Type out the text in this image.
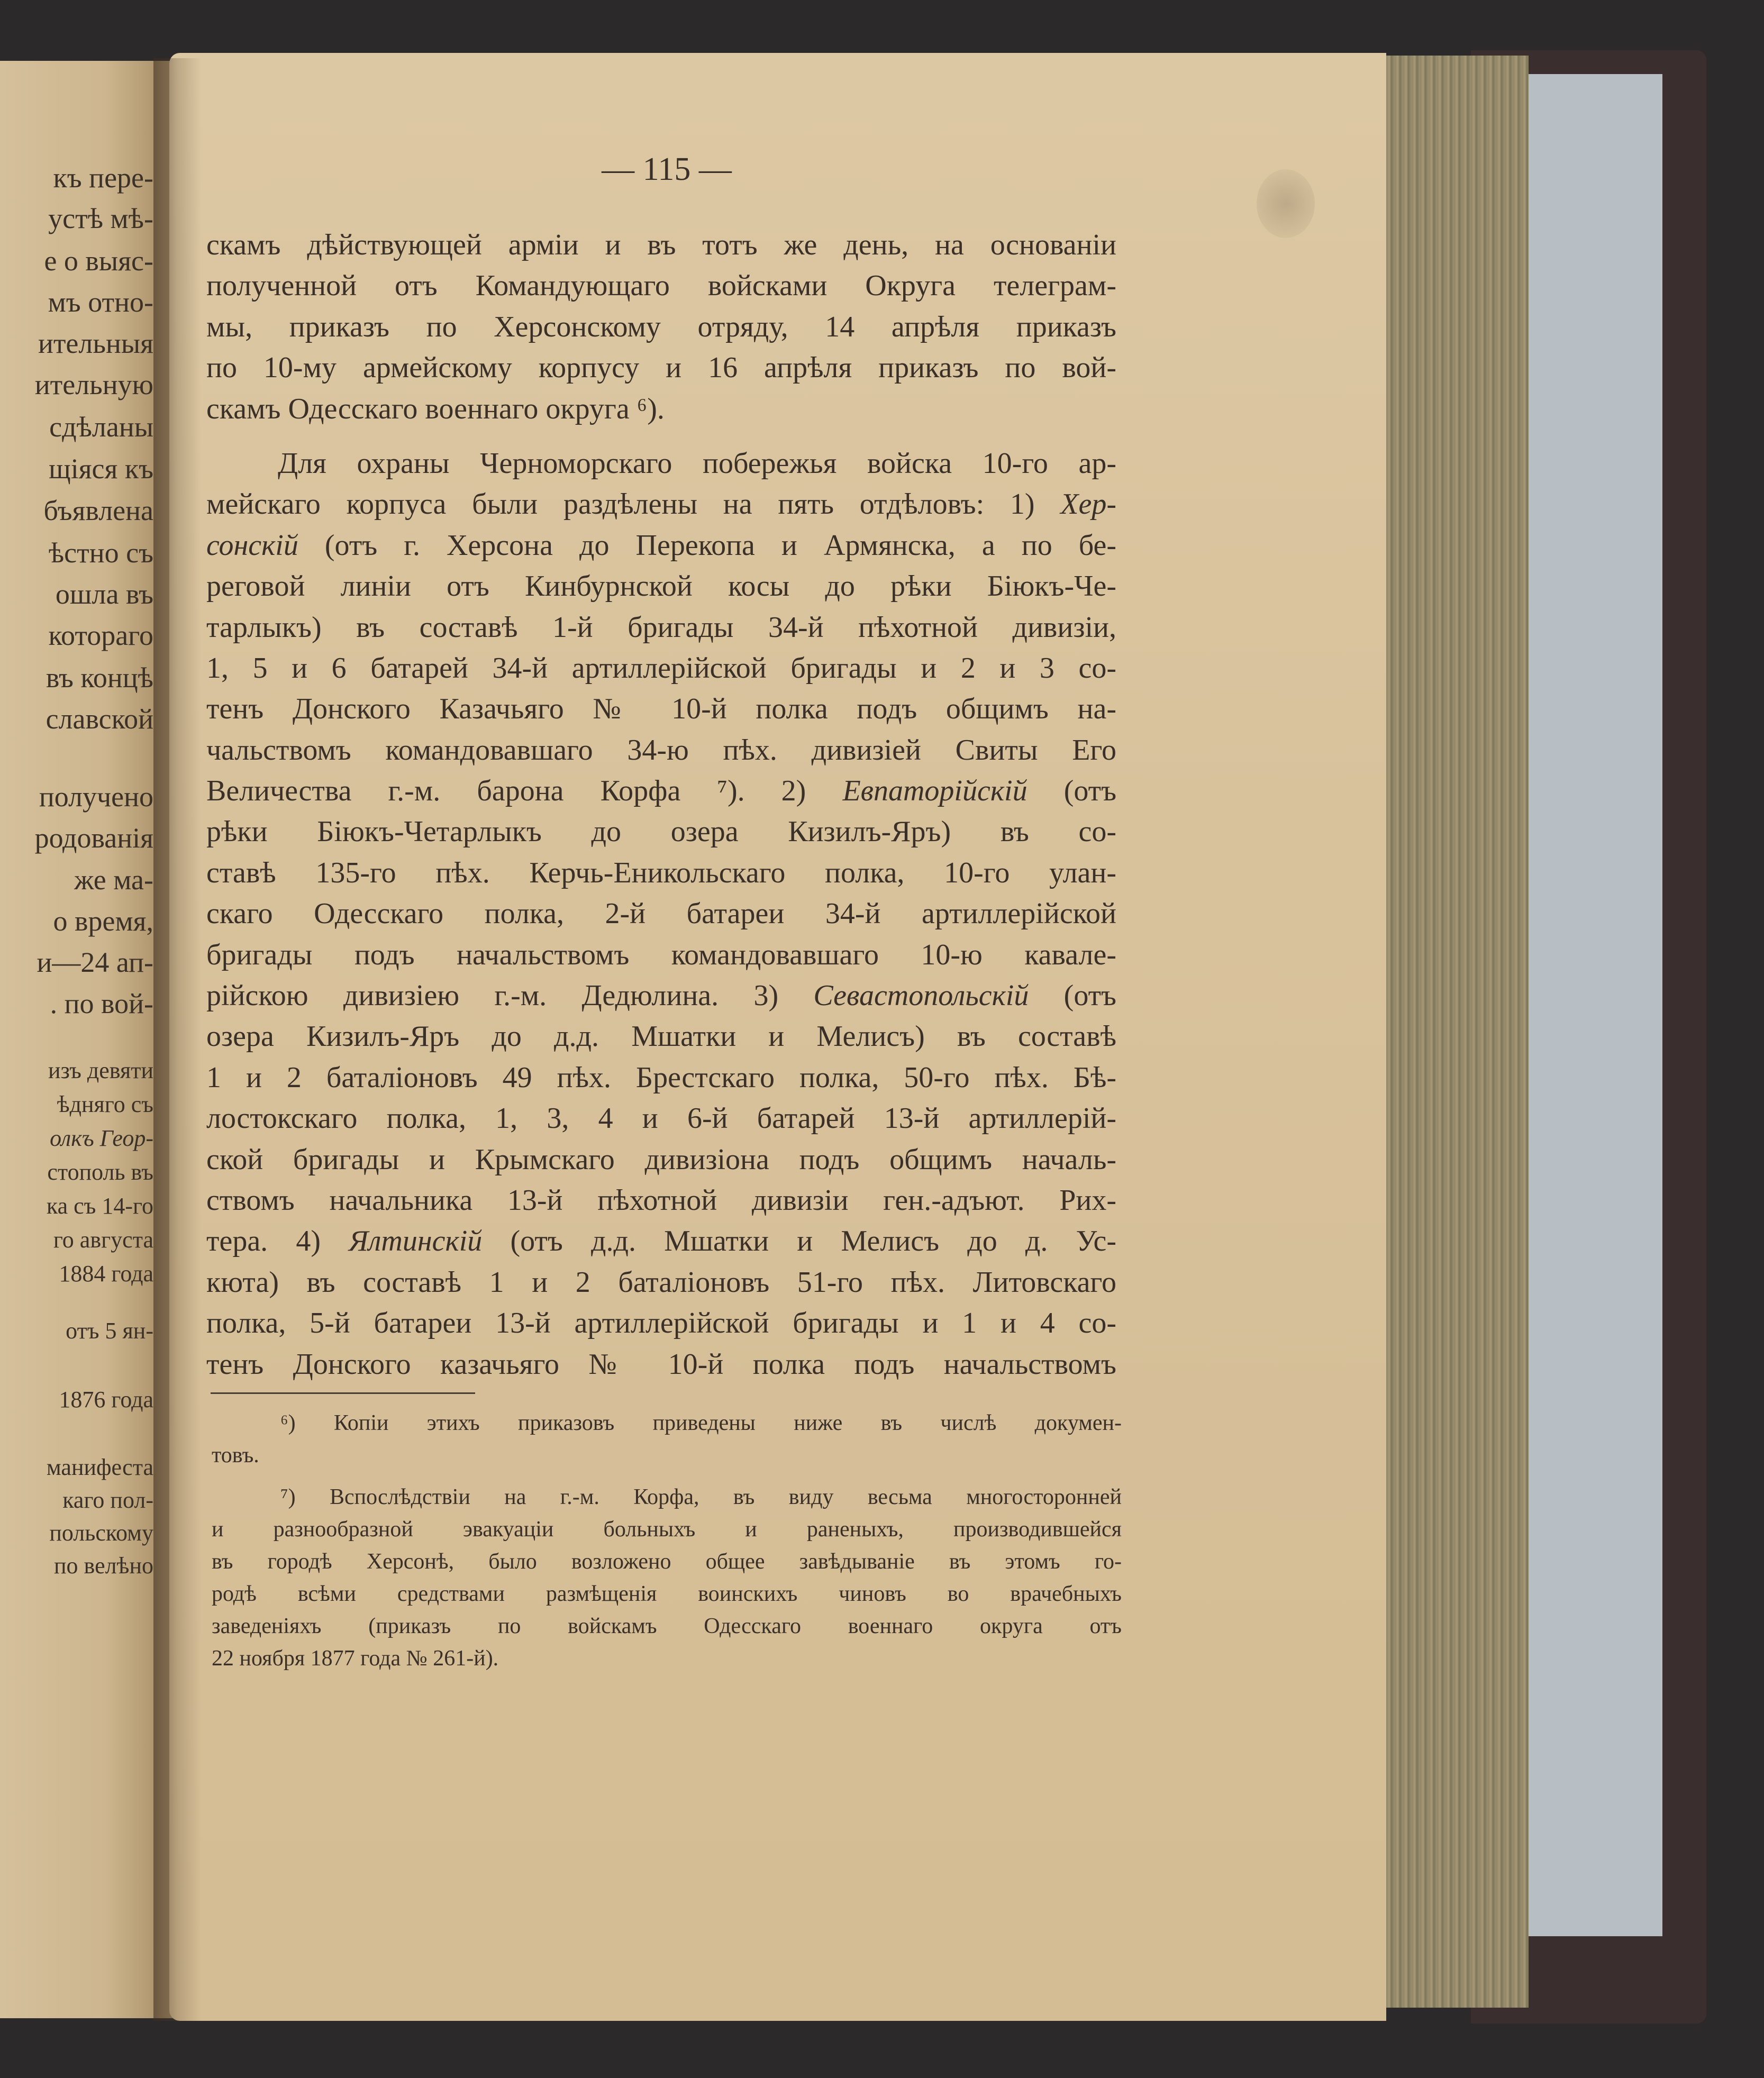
къ пере-
устѣ мѣ-
е о выяс-
мъ отно-
ительныя
ительную
сдѣланы
щіяся къ
бъявлена
ѣстно съ
ошла въ
котораго
въ концѣ
славской
получено
родованія
же ма-
о время,
и—24 ап-
. по вой-
изъ девяти
ѣдняго съ
олкъ Геор-
стополь въ
ка съ 14-го
го августа
1884 года
отъ 5 ян-
1876 года
манифеста
каго пол-
польскому
по велѣно
— 115 —
скамъ дѣйствующей арміи и въ тотъ же день, на основаніи
полученной отъ Командующаго войсками Округа телеграм-
мы, приказъ по Херсонскому отряду, 14 апрѣля приказъ
по 10-му армейскому корпусу и 16 апрѣля приказъ по вой-
скамъ Одесскаго военнаго округа ⁶).
Для охраны Черноморскаго побережья войска 10-го ар-
мейскаго корпуса были раздѣлены на пять отдѣловъ: 1) Хер-
сонскій (отъ г. Херсона до Перекопа и Армянска, а по бе-
реговой линіи отъ Кинбурнской косы до рѣки Біюкъ-Че-
тарлыкъ) въ составѣ 1-й бригады 34-й пѣхотной дивизіи,
1, 5 и 6 батарей 34-й артиллерійской бригады и 2 и 3 со-
тенъ Донского Казачьяго № 10-й полка подъ общимъ на-
чальствомъ командовавшаго 34-ю пѣх. дивизіей Свиты Его
Величества г.-м. барона Корфа ⁷). 2) Евпаторійскій (отъ
рѣки Біюкъ-Четарлыкъ до озера Кизилъ-Яръ) въ со-
ставѣ 135-го пѣх. Керчь-Еникольскаго полка, 10-го улан-
скаго Одесскаго полка, 2-й батареи 34-й артиллерійской
бригады подъ начальствомъ командовавшаго 10-ю кавале-
рійскою дивизіею г.-м. Дедюлина. 3) Севастопольскій (отъ
озера Кизилъ-Яръ до д.д. Мшатки и Мелисъ) въ составѣ
1 и 2 баталіоновъ 49 пѣх. Брестскаго полка, 50-го пѣх. Бѣ-
лостокскаго полка, 1, 3, 4 и 6-й батарей 13-й артиллерій-
ской бригады и Крымскаго дивизіона подъ общимъ началь-
ствомъ начальника 13-й пѣхотной дивизіи ген.-адъют. Рих-
тера. 4) Ялтинскій (отъ д.д. Мшатки и Мелисъ до д. Ус-
кюта) въ составѣ 1 и 2 баталіоновъ 51-го пѣх. Литовскаго
полка, 5-й батареи 13-й артиллерійской бригады и 1 и 4 со-
тенъ Донского казачьяго № 10-й полка подъ начальствомъ
⁶) Копіи этихъ приказовъ приведены ниже въ числѣ докумен-
товъ.
⁷) Вспослѣдствіи на г.-м. Корфа, въ виду весьма многосторонней
и разнообразной эвакуаціи больныхъ и раненыхъ, производившейся
въ городѣ Херсонѣ, было возложено общее завѣдываніе въ этомъ го-
родѣ всѣми средствами размѣщенія воинскихъ чиновъ во врачебныхъ
заведеніяхъ (приказъ по войскамъ Одесскаго военнаго округа отъ
22 ноября 1877 года № 261-й).
